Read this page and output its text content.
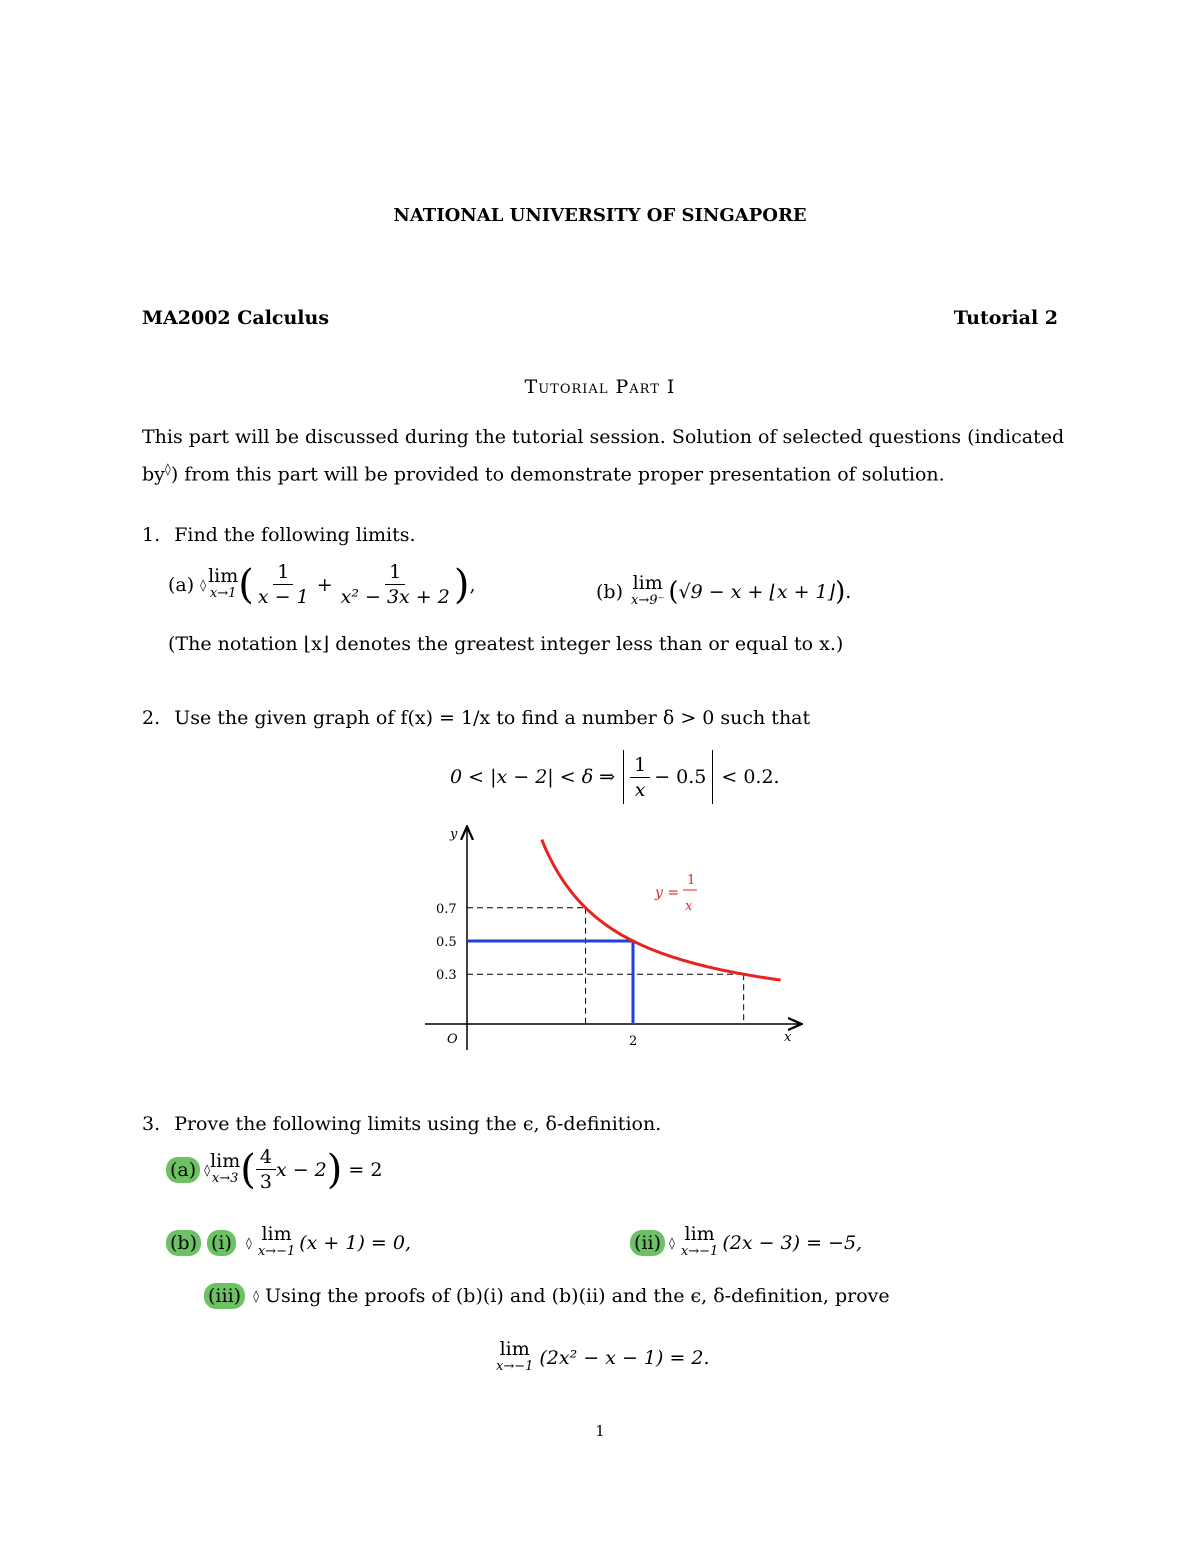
NATIONAL UNIVERSITY OF SINGAPORE
MA2002 Calculus	Tutorial 2
Tutorial Part I
This part will be discussed during the tutorial session. Solution of selected questions (indicated
by◊) from this part will be provided to demonstrate proper presentation of solution.
1. Find the following limits.
(a) ◊ lim
x→1 ( $\frac{1}{x - 1} + \frac{1}{\text{x² − 3x + 2}}$ ) ,	(b) lim
x→9⁻ ( √9 − x + ⌊x + 1⌋ ) .
(The notation ⌊x⌋ denotes the greatest integer less than or equal to x.)
2. Use the given graph of f(x) = 1/x to find a number δ > 0 such that
0 < |x − 2| < δ ⇒ $\frac{1}{x} - 0.5 < 0.2$.
y
x
O
0.7
0.5
0.3
2
y =
1
x
3. Prove the following limits using the ϵ, δ-definition.
(a) ◊ lim
x→3 ( $\frac{4}{3}$ x − 2 ) = 2
(b) (i)	◊ lim
x→−1 (x + 1) = 0,	(ii) ◊ lim
x→−1 (2x − 3) = −5,
(iii)	◊ Using the proofs of (b)(i) and (b)(ii) and the ϵ, δ-definition, prove
lim
x→−1 (2x² − x − 1) = 2.
1
